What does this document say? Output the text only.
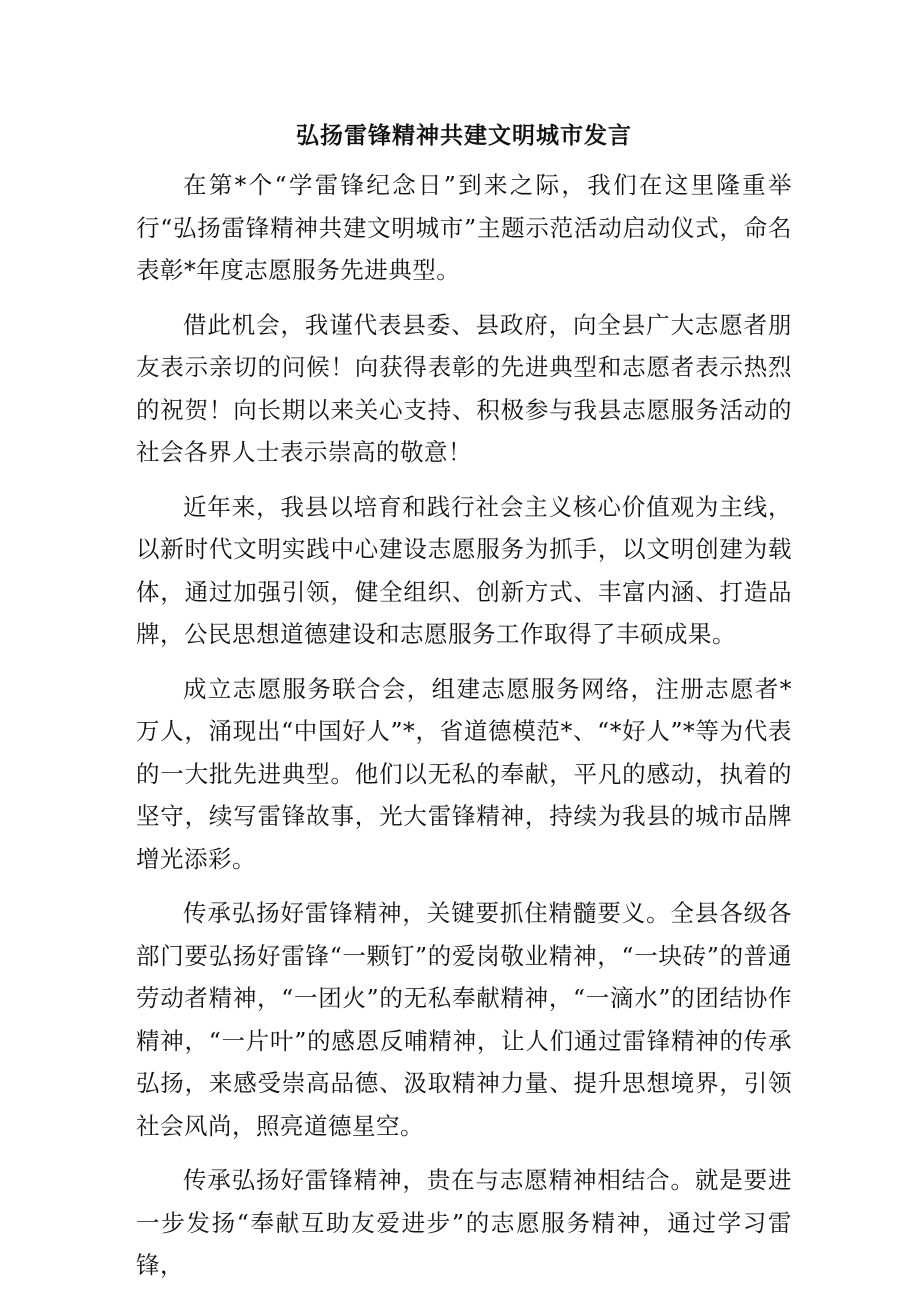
弘扬雷锋精神共建文明城市发言

在第*个“学雷锋纪念日”到来之际，我们在这里隆重举行“弘扬雷锋精神共建文明城市”主题示范活动启动仪式，命名表彰*年度志愿服务先进典型。

借此机会，我谨代表县委、县政府，向全县广大志愿者朋友表示亲切的问候！向获得表彰的先进典型和志愿者表示热烈的祝贺！向长期以来关心支持、积极参与我县志愿服务活动的社会各界人士表示崇高的敬意！

近年来，我县以培育和践行社会主义核心价值观为主线，以新时代文明实践中心建设志愿服务为抓手，以文明创建为载体，通过加强引领，健全组织、创新方式、丰富内涵、打造品牌，公民思想道德建设和志愿服务工作取得了丰硕成果。

成立志愿服务联合会，组建志愿服务网络，注册志愿者*万人，涌现出“中国好人”*，省道德模范*、“*好人”*等为代表的一大批先进典型。他们以无私的奉献，平凡的感动，执着的坚守，续写雷锋故事，光大雷锋精神，持续为我县的城市品牌增光添彩。

传承弘扬好雷锋精神，关键要抓住精髓要义。全县各级各部门要弘扬好雷锋“一颗钉”的爱岗敬业精神，“一块砖”的普通劳动者精神，“一团火”的无私奉献精神，“一滴水”的团结协作精神，“一片叶”的感恩反哺精神，让人们通过雷锋精神的传承弘扬，来感受崇高品德、汲取精神力量、提升思想境界，引领社会风尚，照亮道德星空。

传承弘扬好雷锋精神，贵在与志愿精神相结合。就是要进一步发扬“奉献互助友爱进步”的志愿服务精神，通过学习雷锋，
